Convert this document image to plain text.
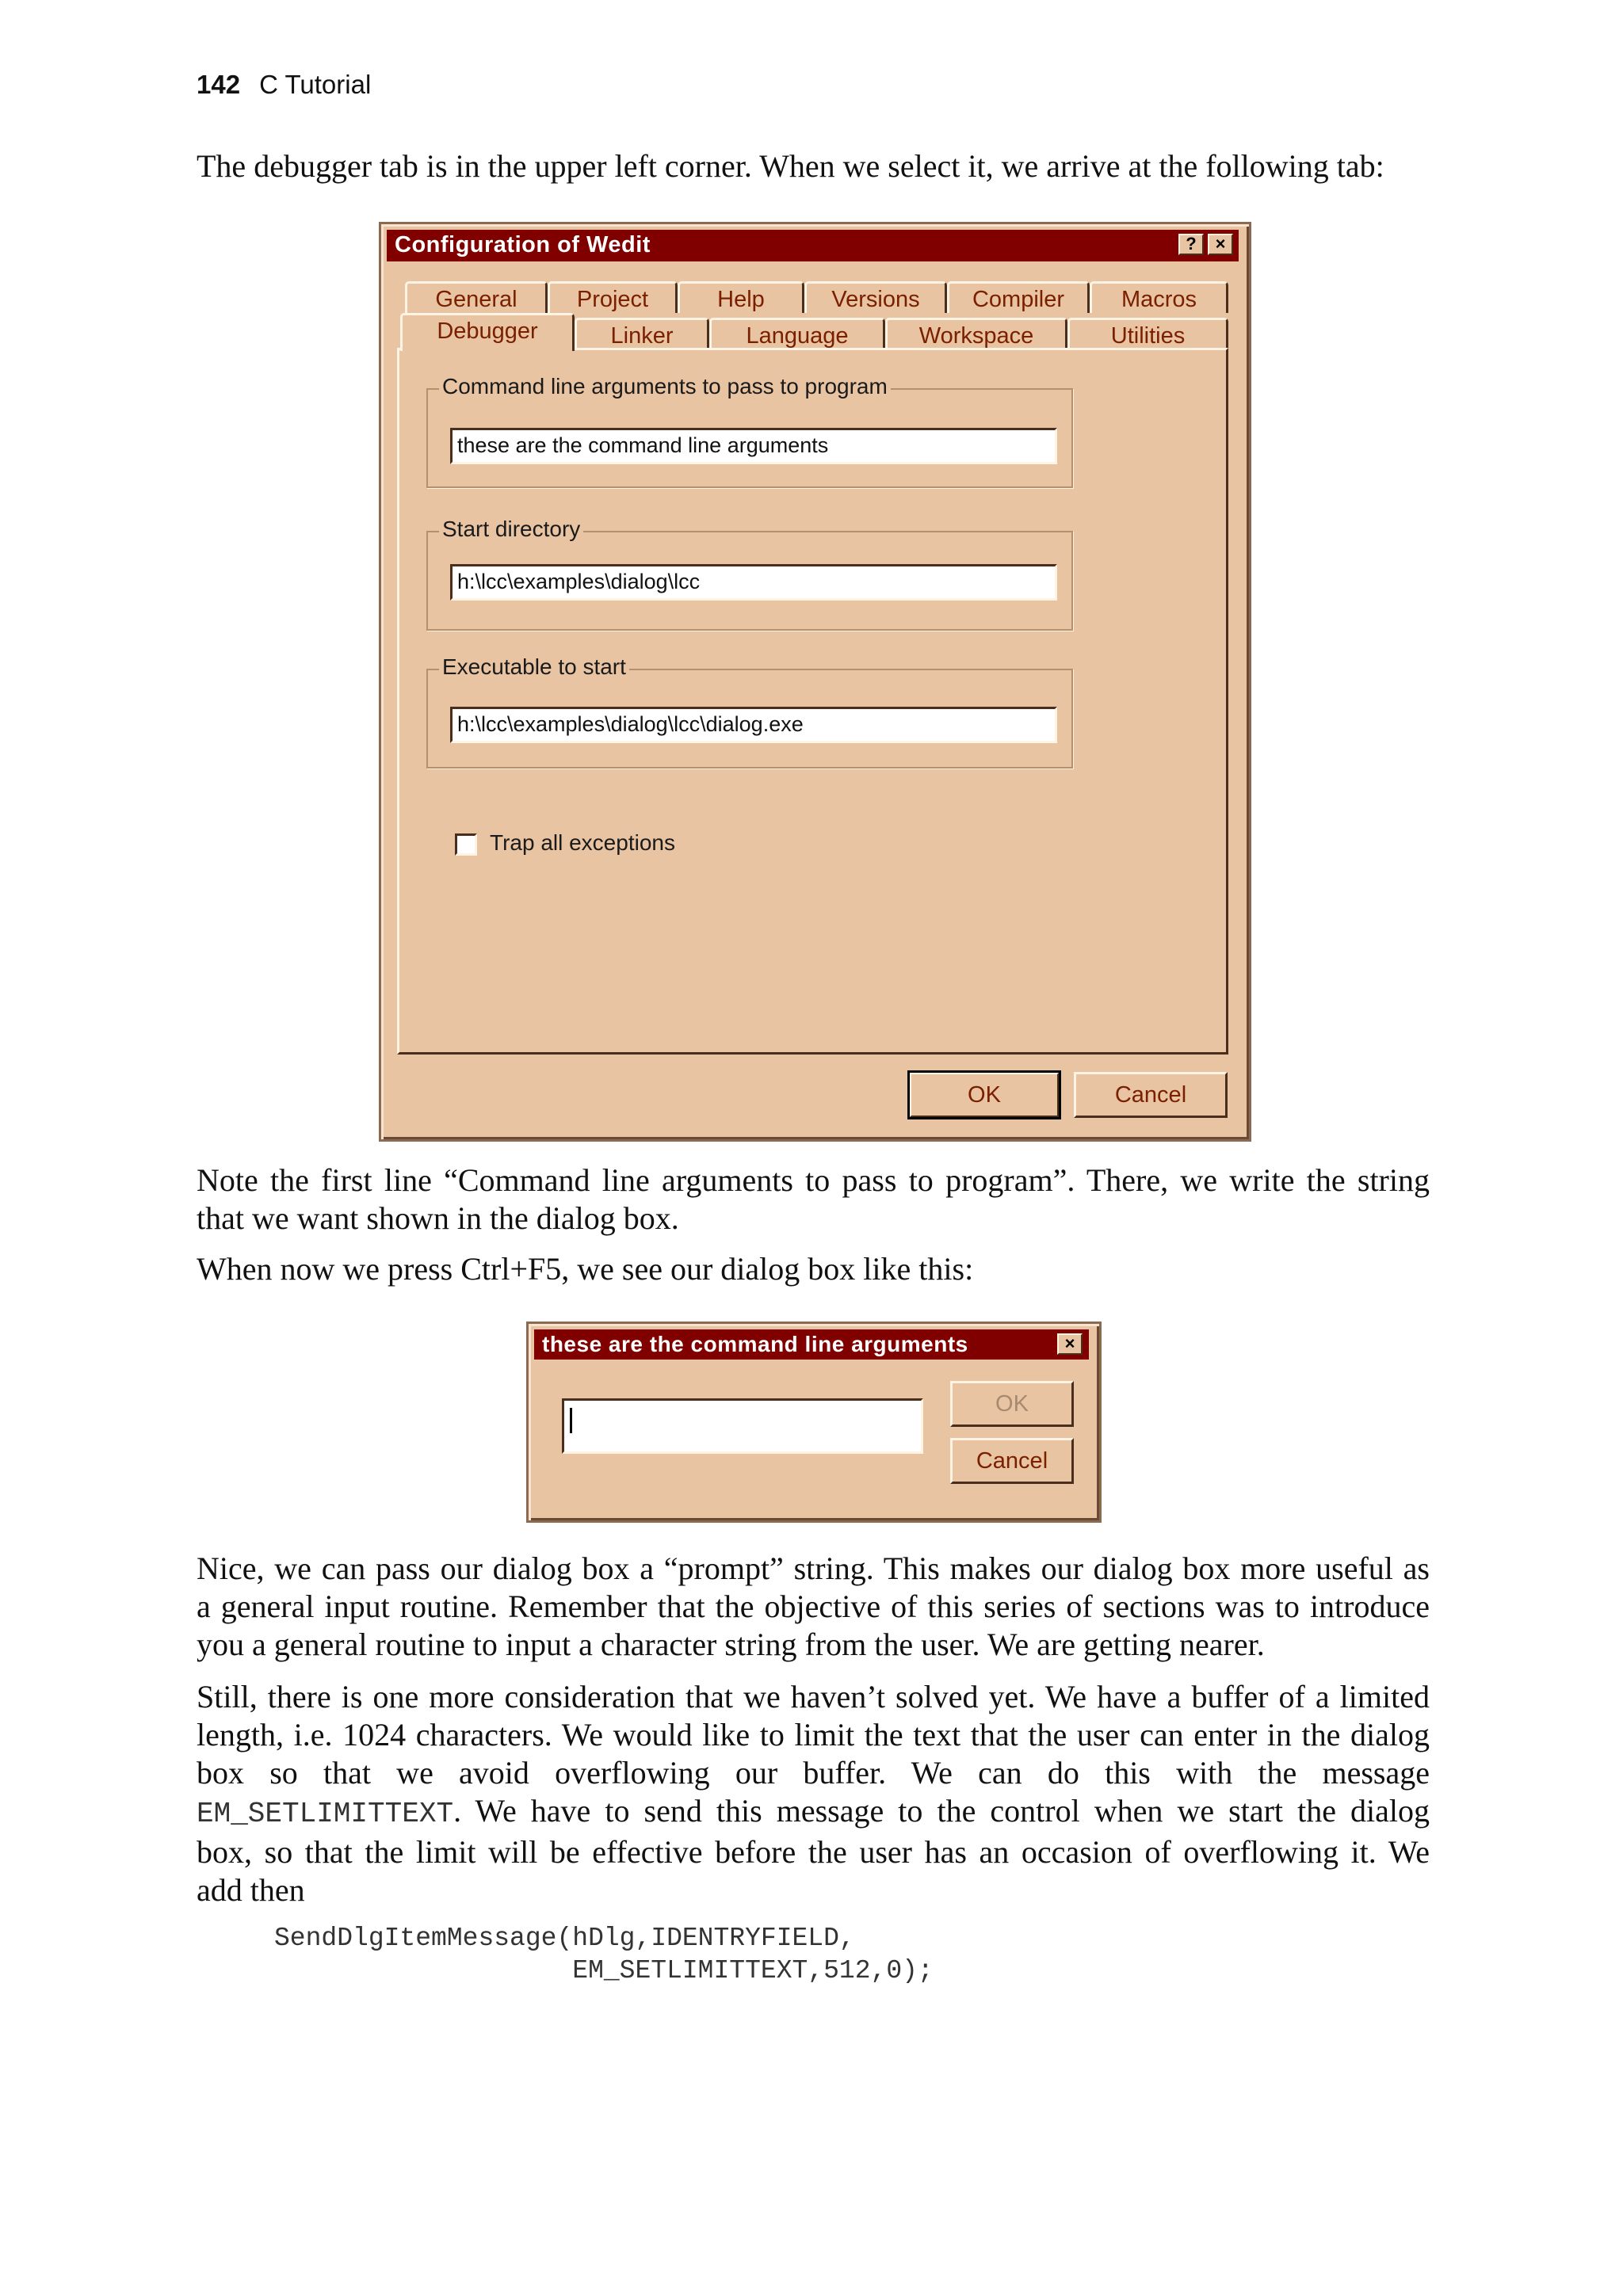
142 C Tutorial

The debugger tab is in the upper left corner. When we select it, we arrive at the following tab:

Configuration of Wedit	?	×
General	Project	Help	Versions	Compiler	Macros
Debugger	Linker	Language	Workspace	Utilities
Command line arguments to pass to program
these are the command line arguments
Start directory
h:\lcc\examples\dialog\lcc
Executable to start
h:\lcc\examples\dialog\lcc\dialog.exe
Trap all exceptions
OK	Cancel

Note the first line “Command line arguments to pass to program”. There, we write the string
that we want shown in the dialog box.

When now we press Ctrl+F5, we see our dialog box like this:

these are the command line arguments	×
OK
Cancel

Nice, we can pass our dialog box a “prompt” string. This makes our dialog box more useful as
a general input routine. Remember that the objective of this series of sections was to introduce
you a general routine to input a character string from the user. We are getting nearer.

Still, there is one more consideration that we haven’t solved yet. We have a buffer of a limited
length, i.e. 1024 characters. We would like to limit the text that the user can enter in the dialog
box so that we avoid overflowing our buffer. We can do this with the message
EM_SETLIMITTEXT. We have to send this message to the control when we start the dialog
box, so that the limit will be effective before the user has an occasion of overflowing it. We
add then

SendDlgItemMessage(hDlg,IDENTRYFIELD,
EM_SETLIMITTEXT,512,0);
